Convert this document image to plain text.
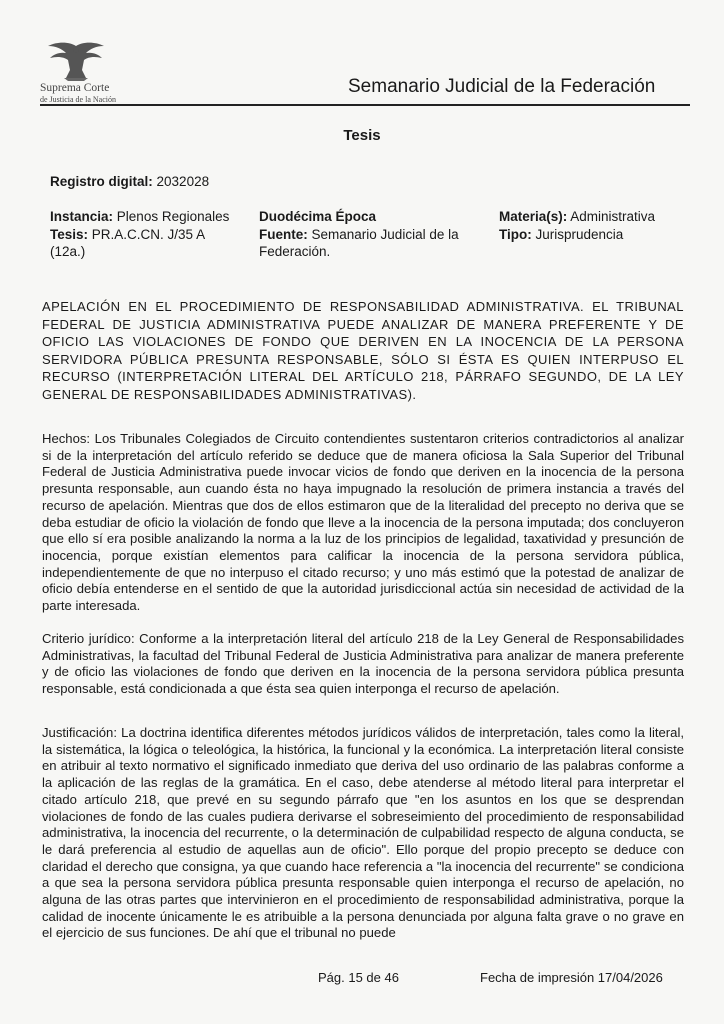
Suprema Corte
de Justicia de la Nación
Semanario Judicial de la Federación
Tesis
Registro digital: 2032028
Instancia: Plenos Regionales
Tesis: PR.A.C.CN. J/35 A (12a.)
Duodécima Época
Fuente: Semanario Judicial de la Federación.
Materia(s): Administrativa
Tipo: Jurisprudencia
APELACIÓN EN EL PROCEDIMIENTO DE RESPONSABILIDAD ADMINISTRATIVA. EL TRIBUNAL FEDERAL DE JUSTICIA ADMINISTRATIVA PUEDE ANALIZAR DE MANERA PREFERENTE Y DE OFICIO LAS VIOLACIONES DE FONDO QUE DERIVEN EN LA INOCENCIA DE LA PERSONA SERVIDORA PÚBLICA PRESUNTA RESPONSABLE, SÓLO SI ÉSTA ES QUIEN INTERPUSO EL RECURSO (INTERPRETACIÓN LITERAL DEL ARTÍCULO 218, PÁRRAFO SEGUNDO, DE LA LEY GENERAL DE RESPONSABILIDADES ADMINISTRATIVAS).
Hechos: Los Tribunales Colegiados de Circuito contendientes sustentaron criterios contradictorios al analizar si de la interpretación del artículo referido se deduce que de manera oficiosa la Sala Superior del Tribunal Federal de Justicia Administrativa puede invocar vicios de fondo que deriven en la inocencia de la persona presunta responsable, aun cuando ésta no haya impugnado la resolución de primera instancia a través del recurso de apelación. Mientras que dos de ellos estimaron que de la literalidad del precepto no deriva que se deba estudiar de oficio la violación de fondo que lleve a la inocencia de la persona imputada; dos concluyeron que ello sí era posible analizando la norma a la luz de los principios de legalidad, taxatividad y presunción de inocencia, porque existían elementos para calificar la inocencia de la persona servidora pública, independientemente de que no interpuso el citado recurso; y uno más estimó que la potestad de analizar de oficio debía entenderse en el sentido de que la autoridad jurisdiccional actúa sin necesidad de actividad de la parte interesada.
Criterio jurídico: Conforme a la interpretación literal del artículo 218 de la Ley General de Responsabilidades Administrativas, la facultad del Tribunal Federal de Justicia Administrativa para analizar de manera preferente y de oficio las violaciones de fondo que deriven en la inocencia de la persona servidora pública presunta responsable, está condicionada a que ésta sea quien interponga el recurso de apelación.
Justificación: La doctrina identifica diferentes métodos jurídicos válidos de interpretación, tales como la literal, la sistemática, la lógica o teleológica, la histórica, la funcional y la económica. La interpretación literal consiste en atribuir al texto normativo el significado inmediato que deriva del uso ordinario de las palabras conforme a la aplicación de las reglas de la gramática. En el caso, debe atenderse al método literal para interpretar el citado artículo 218, que prevé en su segundo párrafo que "en los asuntos en los que se desprendan violaciones de fondo de las cuales pudiera derivarse el sobreseimiento del procedimiento de responsabilidad administrativa, la inocencia del recurrente, o la determinación de culpabilidad respecto de alguna conducta, se le dará preferencia al estudio de aquellas aun de oficio". Ello porque del propio precepto se deduce con claridad el derecho que consigna, ya que cuando hace referencia a "la inocencia del recurrente" se condiciona a que sea la persona servidora pública presunta responsable quien interponga el recurso de apelación, no alguna de las otras partes que intervinieron en el procedimiento de responsabilidad administrativa, porque la calidad de inocente únicamente le es atribuible a la persona denunciada por alguna falta grave o no grave en el ejercicio de sus funciones. De ahí que el tribunal no puede
Pág. 15 de 46	Fecha de impresión 17/04/2026
